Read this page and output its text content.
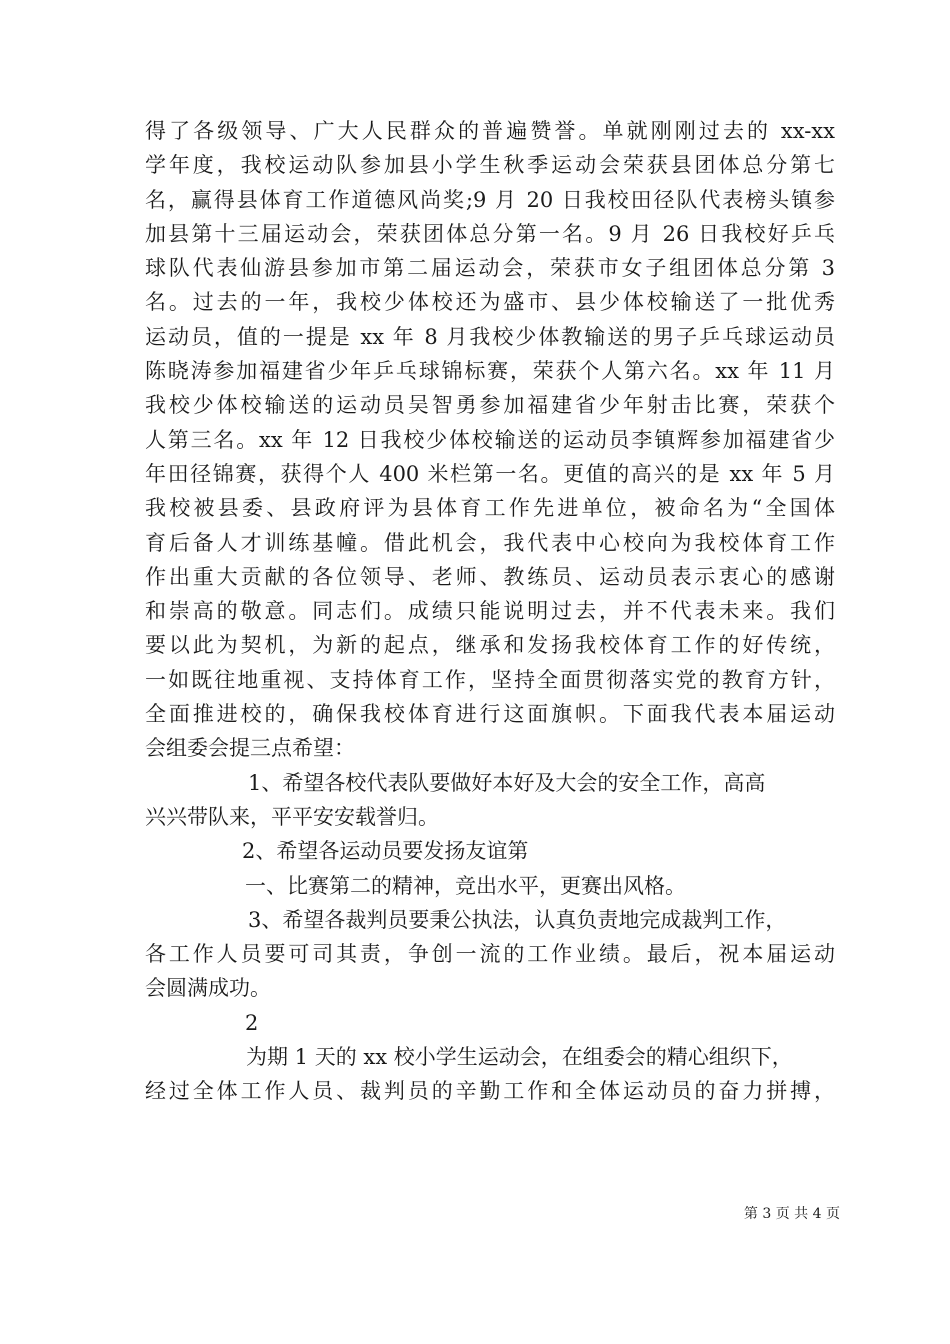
得了各级领导、广大人民群众的普遍赞誉。单就刚刚过去的 xx-xx
学年度，我校运动队参加县小学生秋季运动会荣获县团体总分第七
名，赢得县体育工作道德风尚奖;9 月 20 日我校田径队代表榜头镇参
加县第十三届运动会，荣获团体总分第一名。9 月 26 日我校好乒乓
球队代表仙游县参加市第二届运动会，荣获市女子组团体总分第 3
名。过去的一年，我校少体校还为盛市、县少体校输送了一批优秀
运动员，值的一提是 xx 年 8 月我校少体教输送的男子乒乓球运动员
陈晓涛参加福建省少年乒乓球锦标赛，荣获个人第六名。xx 年 11 月
我校少体校输送的运动员吴智勇参加福建省少年射击比赛，荣获个
人第三名。xx 年 12 日我校少体校输送的运动员李镇辉参加福建省少
年田径锦赛，获得个人 400 米栏第一名。更值的高兴的是 xx 年 5 月
我校被县委、县政府评为县体育工作先进单位，被命名为“全国体
育后备人才训练基幢。借此机会，我代表中心校向为我校体育工作
作出重大贡献的各位领导、老师、教练员、运动员表示衷心的感谢
和崇高的敬意。同志们。成绩只能说明过去，并不代表未来。我们
要以此为契机，为新的起点，继承和发扬我校体育工作的好传统，
一如既往地重视、支持体育工作，坚持全面贯彻落实党的教育方针，
全面推进校的，确保我校体育进行这面旗帜。下面我代表本届运动
会组委会提三点希望：
1、希望各校代表队要做好本好及大会的安全工作，高高
兴兴带队来，平平安安载誉归。
2、希望各运动员要发扬友谊第
一、比赛第二的精神，竞出水平，更赛出风格。
3、希望各裁判员要秉公执法，认真负责地完成裁判工作，
各工作人员要可司其责，争创一流的工作业绩。最后，祝本届运动
会圆满成功。
2
为期 1 天的 xx 校小学生运动会，在组委会的精心组织下，
经过全体工作人员、裁判员的辛勤工作和全体运动员的奋力拼搏，
第 3 页 共 4 页
